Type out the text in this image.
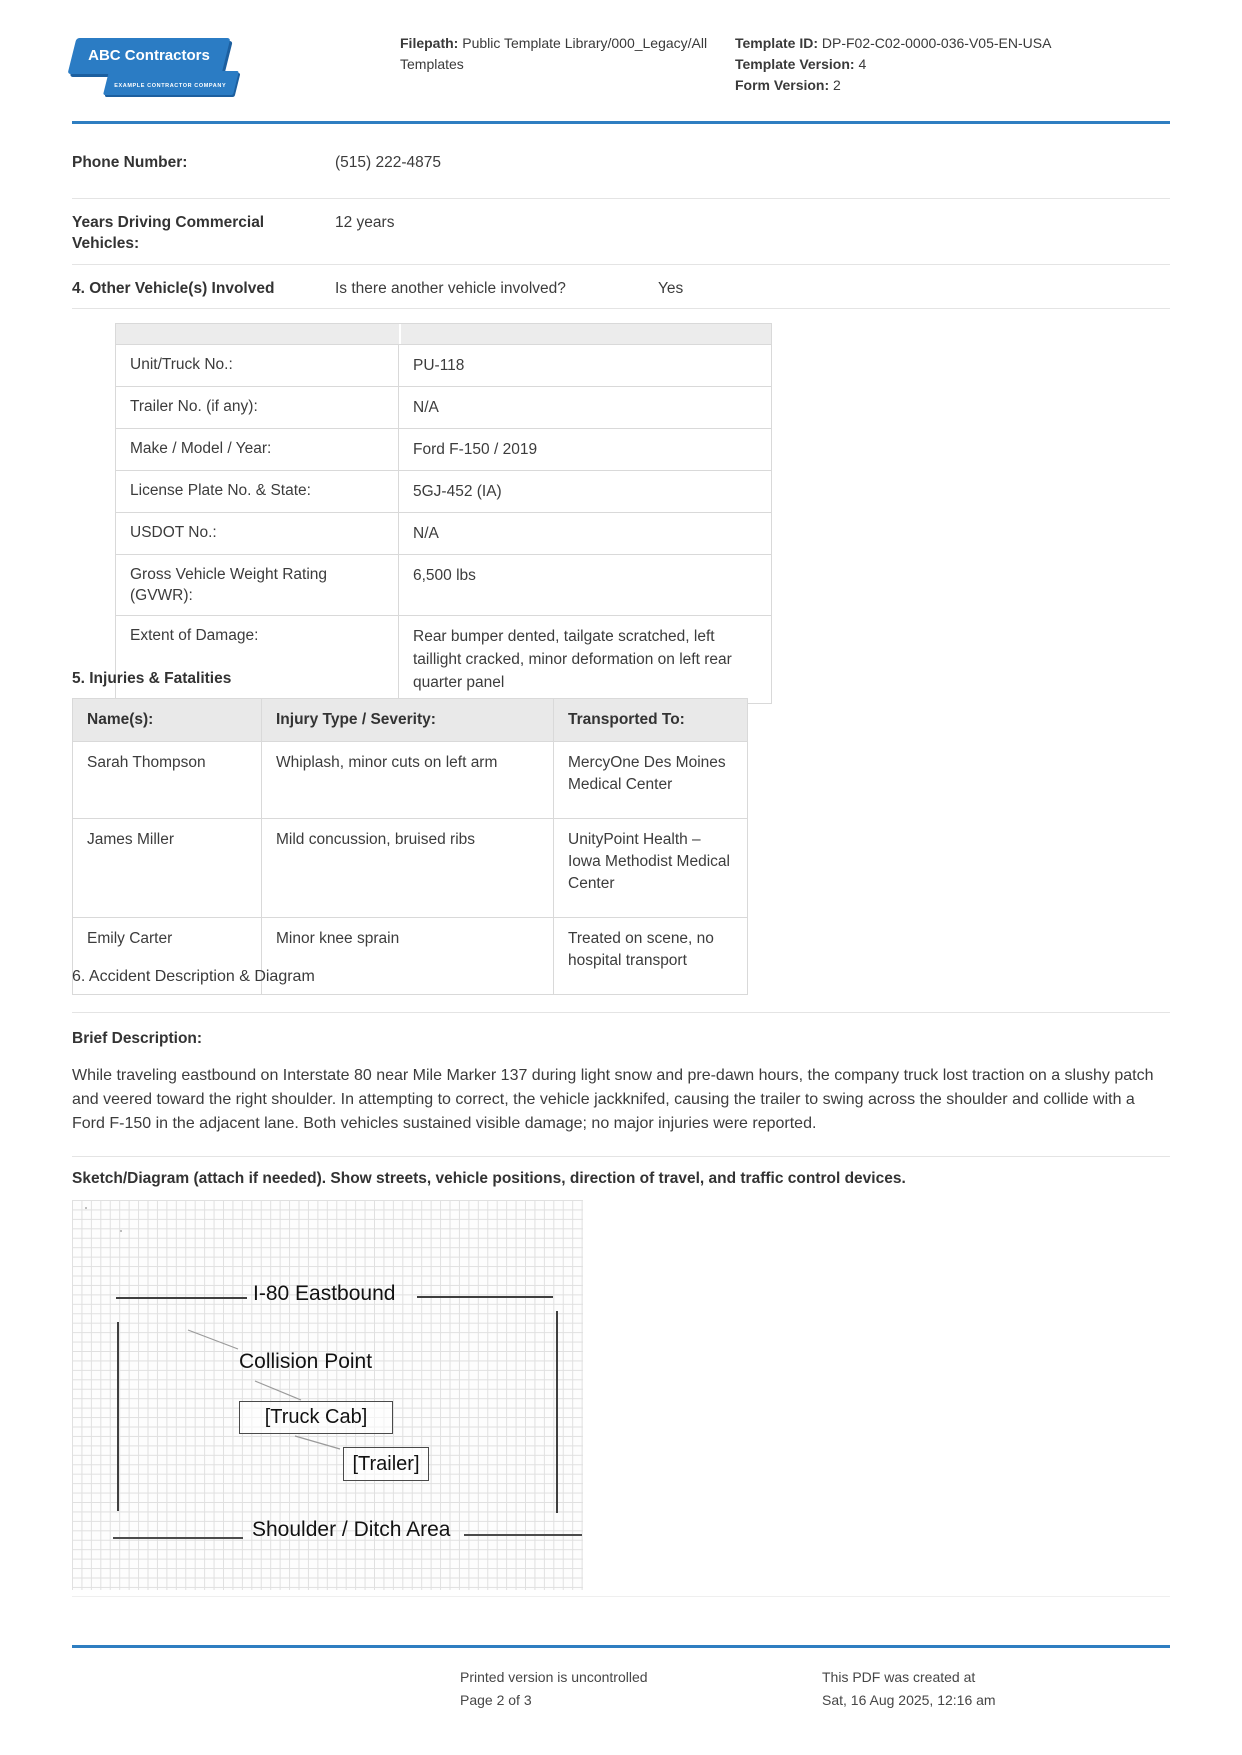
ABC Contractors
EXAMPLE CONTRACTOR COMPANY
Filepath: Public Template Library/000_Legacy/All Templates
Template ID: DP-F02-C02-0000-036-V05-EN-USA
Template Version: 4
Form Version: 2
Phone Number:	(515) 222-4875
Years Driving Commercial Vehicles:
12 years
4. Other Vehicle(s) Involved	Is there another vehicle involved?	Yes
Unit/Truck No.:	PU-118
Trailer No. (if any):	N/A
Make / Model / Year:	Ford F-150 / 2019
License Plate No. & State:	5GJ-452 (IA)
USDOT No.:	N/A
Gross Vehicle Weight Rating (GVWR):
6,500 lbs
Extent of Damage:	Rear bumper dented, tailgate scratched, left taillight cracked, minor deformation on left rear quarter panel
5. Injuries & Fatalities
Name(s):	Injury Type / Severity:	Transported To:
Sarah Thompson	Whiplash, minor cuts on left arm	MercyOne Des Moines Medical Center
James Miller	Mild concussion, bruised ribs	UnityPoint Health – Iowa Methodist Medical Center
Emily Carter	Minor knee sprain	Treated on scene, no hospital transport
6. Accident Description & Diagram
Brief Description:
While traveling eastbound on Interstate 80 near Mile Marker 137 during light snow and pre-dawn hours, the company truck lost traction on a slushy patch and veered toward the right shoulder. In attempting to correct, the vehicle jackknifed, causing the trailer to swing across the shoulder and collide with a Ford F-150 in the adjacent lane. Both vehicles sustained visible damage; no major injuries were reported.
Sketch/Diagram (attach if needed). Show streets, vehicle positions, direction of travel, and traffic control devices.
I-80 Eastbound
Collision Point
[Truck Cab]
[Trailer]
Shoulder / Ditch Area
Printed version is uncontrolled
Page 2 of 3
This PDF was created at
Sat, 16 Aug 2025, 12:16 am
